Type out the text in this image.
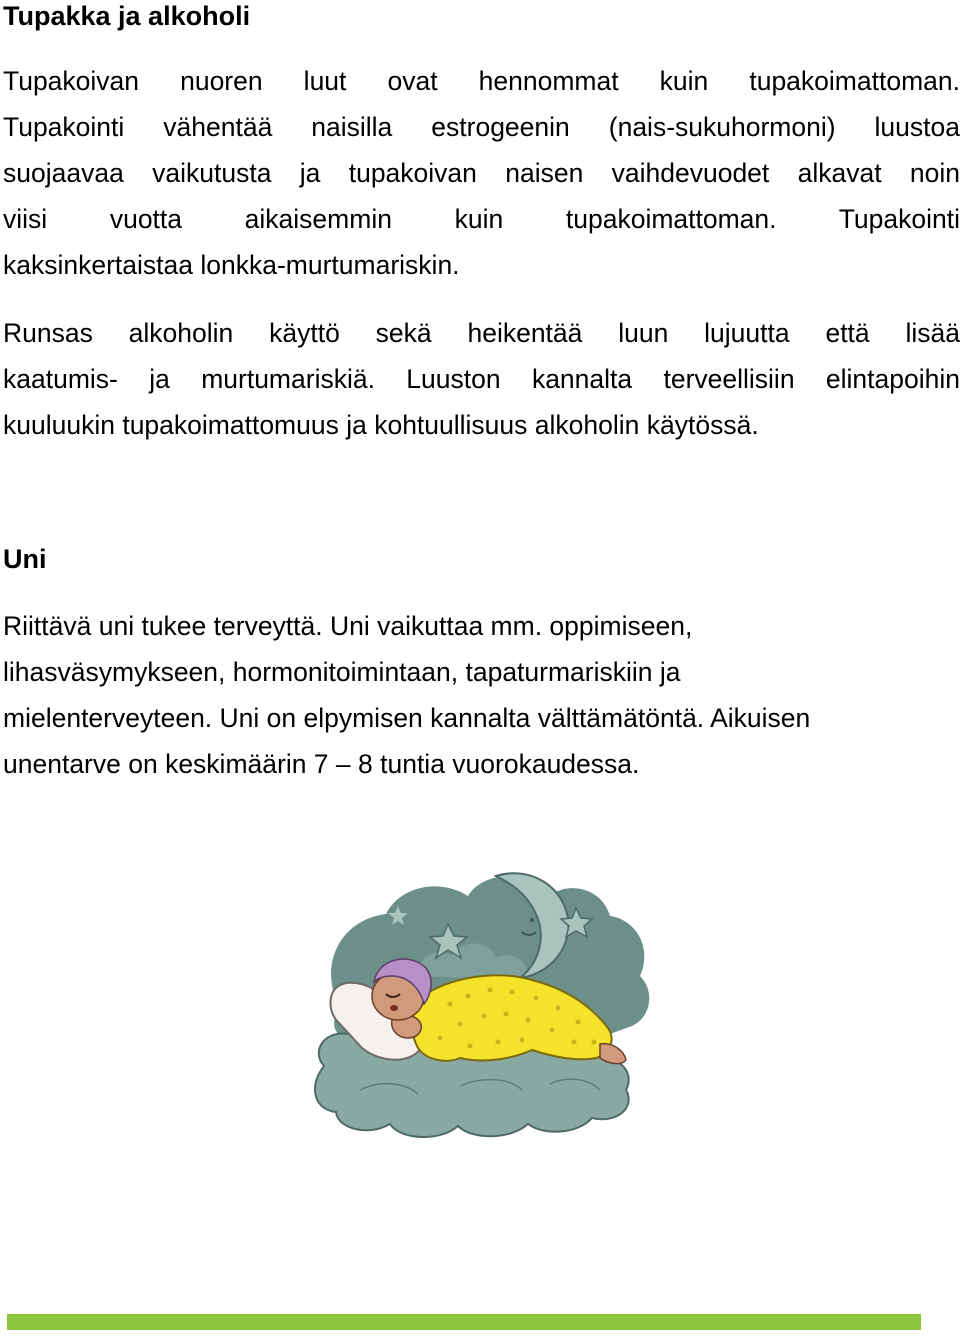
Tupakka ja alkoholi
Tupakoivan nuoren luut ovat hennommat kuin tupakoimattoman.
Tupakointi vähentää naisilla estrogeenin (nais-sukuhormoni) luustoa
suojaavaa vaikutusta ja tupakoivan naisen vaihdevuodet alkavat noin
viisi vuotta aikaisemmin kuin tupakoimattoman. Tupakointi
kaksinkertaistaa lonkka-murtumariskin.
Runsas alkoholin käyttö sekä heikentää luun lujuutta että lisää
kaatumis- ja murtumariskiä. Luuston kannalta terveellisiin elintapoihin
kuuluukin tupakoimattomuus ja kohtuullisuus alkoholin käytössä.
Uni
Riittävä uni tukee terveyttä. Uni vaikuttaa mm. oppimiseen,
lihasväsymykseen, hormonitoimintaan, tapaturmariskiin ja
mielenterveyteen. Uni on elpymisen kannalta välttämätöntä. Aikuisen
unentarve on keskimäärin 7 – 8 tuntia vuorokaudessa.
